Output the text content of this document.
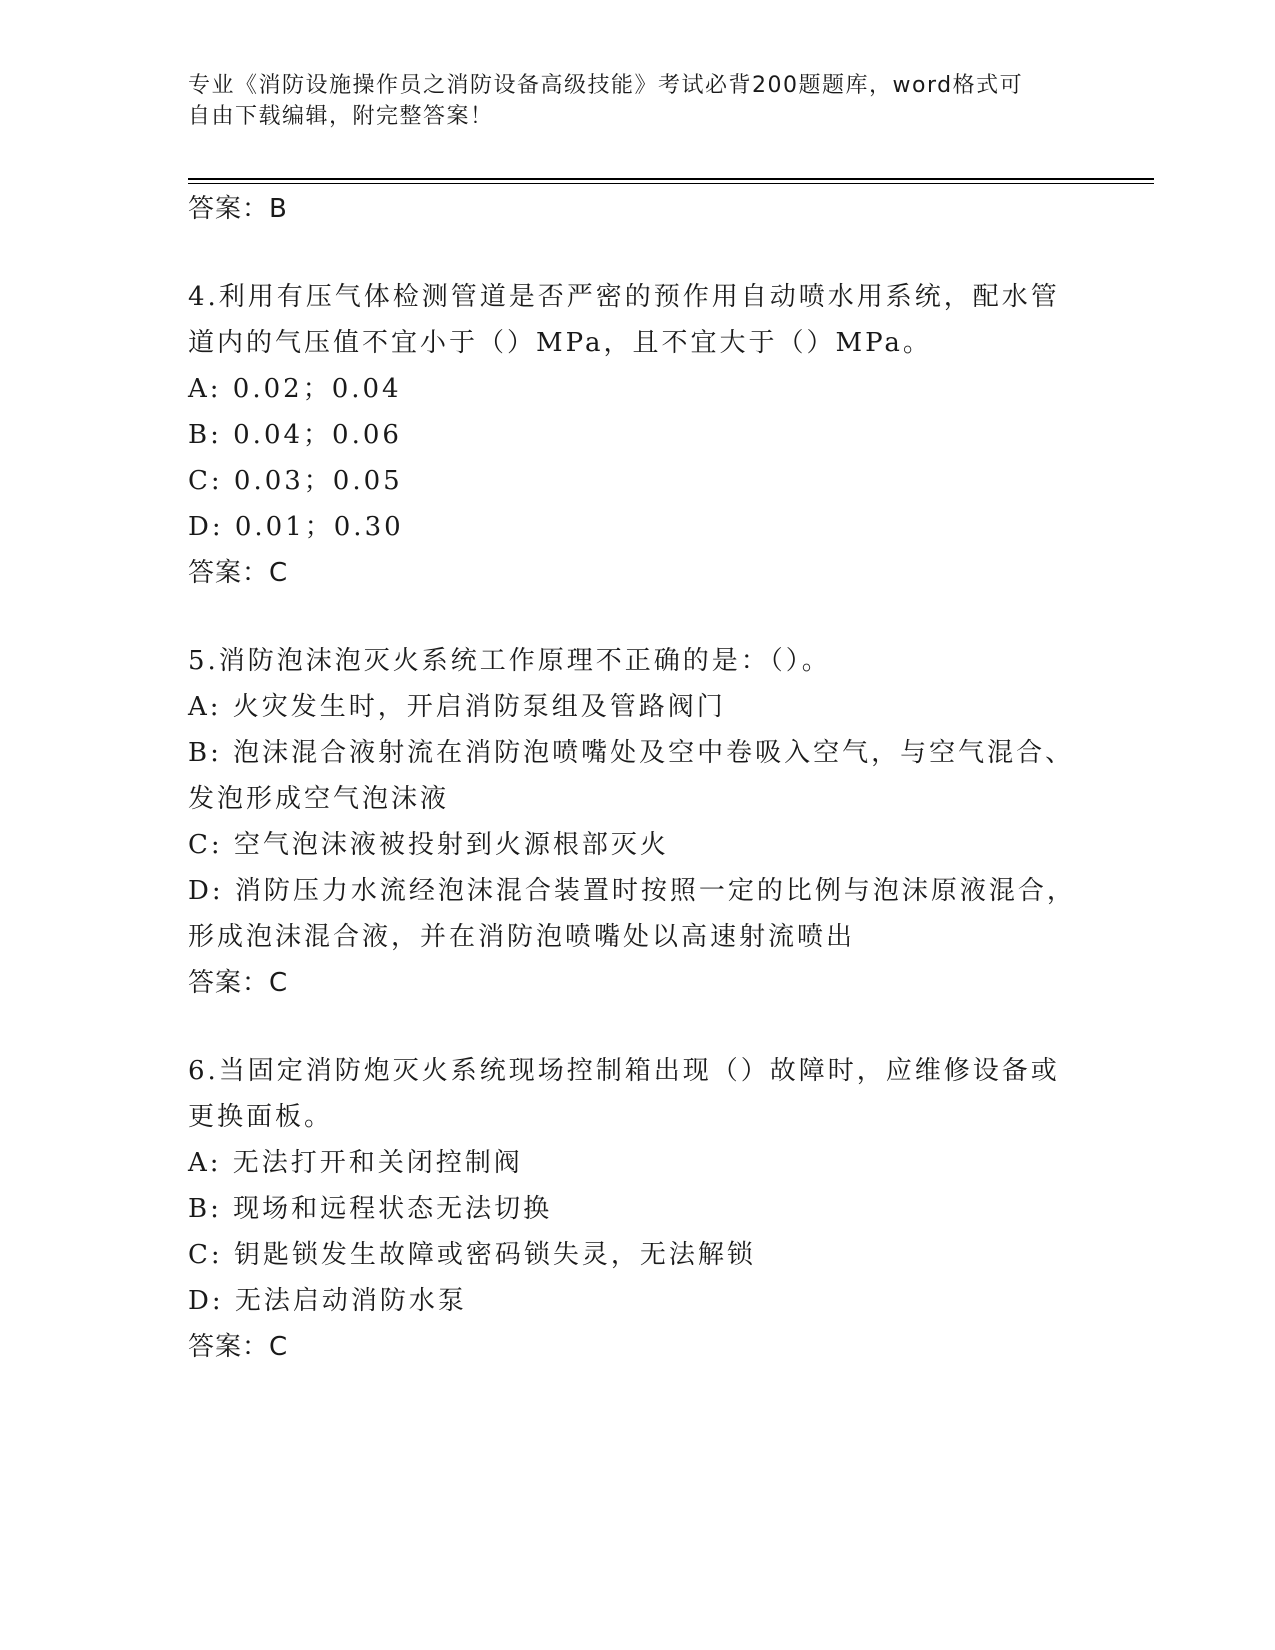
专业《消防设施操作员之消防设备高级技能》考试必背200题题库，word格式可
自由下载编辑，附完整答案！
答案：B
4.利用有压气体检测管道是否严密的预作用自动喷水用系统，配水管
道内的气压值不宜小于（）MPa，且不宜大于（）MPa。
A: 0.02；0.04
B: 0.04；0.06
C: 0.03；0.05
D: 0.01；0.30
答案：C
5.消防泡沫泡灭火系统工作原理不正确的是：（）。
A: 火灾发生时，开启消防泵组及管路阀门
B: 泡沫混合液射流在消防泡喷嘴处及空中卷吸入空气，与空气混合、
发泡形成空气泡沫液
C: 空气泡沫液被投射到火源根部灭火
D: 消防压力水流经泡沫混合装置时按照一定的比例与泡沫原液混合，
形成泡沫混合液，并在消防泡喷嘴处以高速射流喷出
答案：C
6.当固定消防炮灭火系统现场控制箱出现（）故障时，应维修设备或
更换面板。
A: 无法打开和关闭控制阀
B: 现场和远程状态无法切换
C: 钥匙锁发生故障或密码锁失灵，无法解锁
D: 无法启动消防水泵
答案：C
